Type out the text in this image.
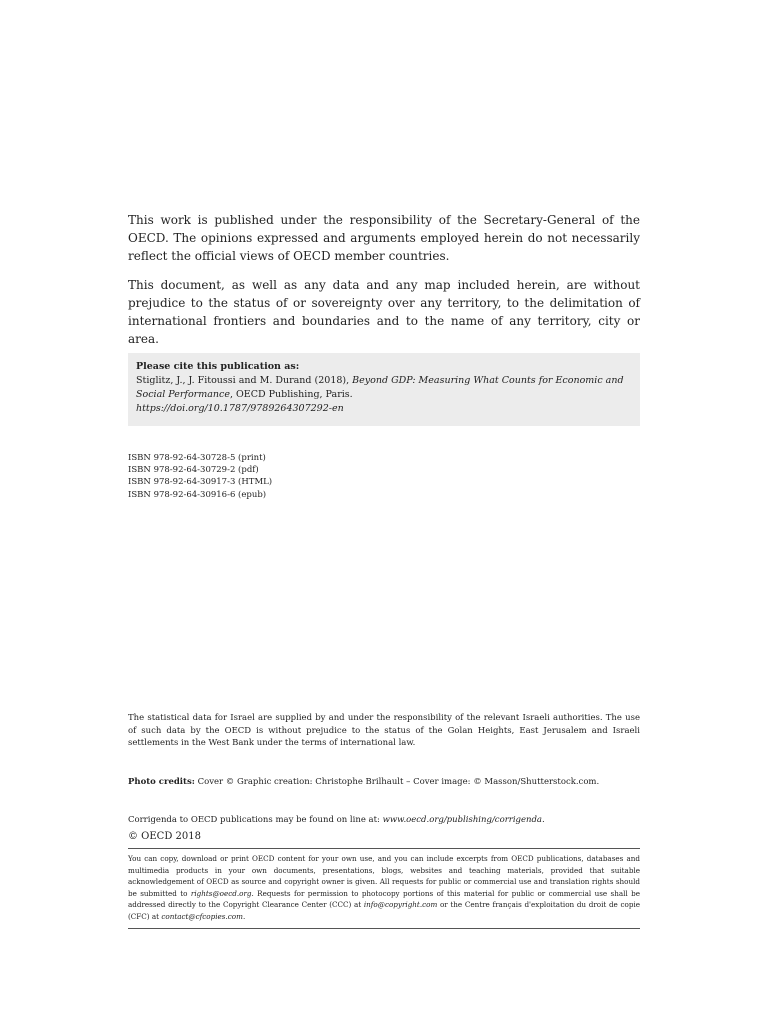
This work is published under the responsibility of the Secretary-General of the OECD. The opinions expressed and arguments employed herein do not necessarily reflect the official views of OECD member countries.

This document, as well as any data and any map included herein, are without prejudice to the status of or sovereignty over any territory, to the delimitation of international frontiers and boundaries and to the name of any territory, city or area.

Please cite this publication as:
Stiglitz, J., J. Fitoussi and M. Durand (2018), Beyond GDP: Measuring What Counts for Economic and Social Performance, OECD Publishing, Paris.
https://doi.org/10.1787/9789264307292-en
ISBN 978-92-64-30728-5 (print)
ISBN 978-92-64-30729-2 (pdf)
ISBN 978-92-64-30917-3 (HTML)
ISBN 978-92-64-30916-6 (epub)

The statistical data for Israel are supplied by and under the responsibility of the relevant Israeli authorities. The use of such data by the OECD is without prejudice to the status of the Golan Heights, East Jerusalem and Israeli settlements in the West Bank under the terms of international law.

Photo credits: Cover © Graphic creation: Christophe Brilhault – Cover image: © Masson/Shutterstock.com.
Corrigenda to OECD publications may be found on line at: www.oecd.org/publishing/corrigenda.
© OECD 2018

You can copy, download or print OECD content for your own use, and you can include excerpts from OECD publications, databases and multimedia products in your own documents, presentations, blogs, websites and teaching materials, provided that suitable acknowledgement of OECD as source and copyright owner is given. All requests for public or commercial use and translation rights should be submitted to rights@oecd.org. Requests for permission to photocopy portions of this material for public or commercial use shall be addressed directly to the Copyright Clearance Center (CCC) at info@copyright.com or the Centre français d'exploitation du droit de copie (CFC) at contact@cfcopies.com.
